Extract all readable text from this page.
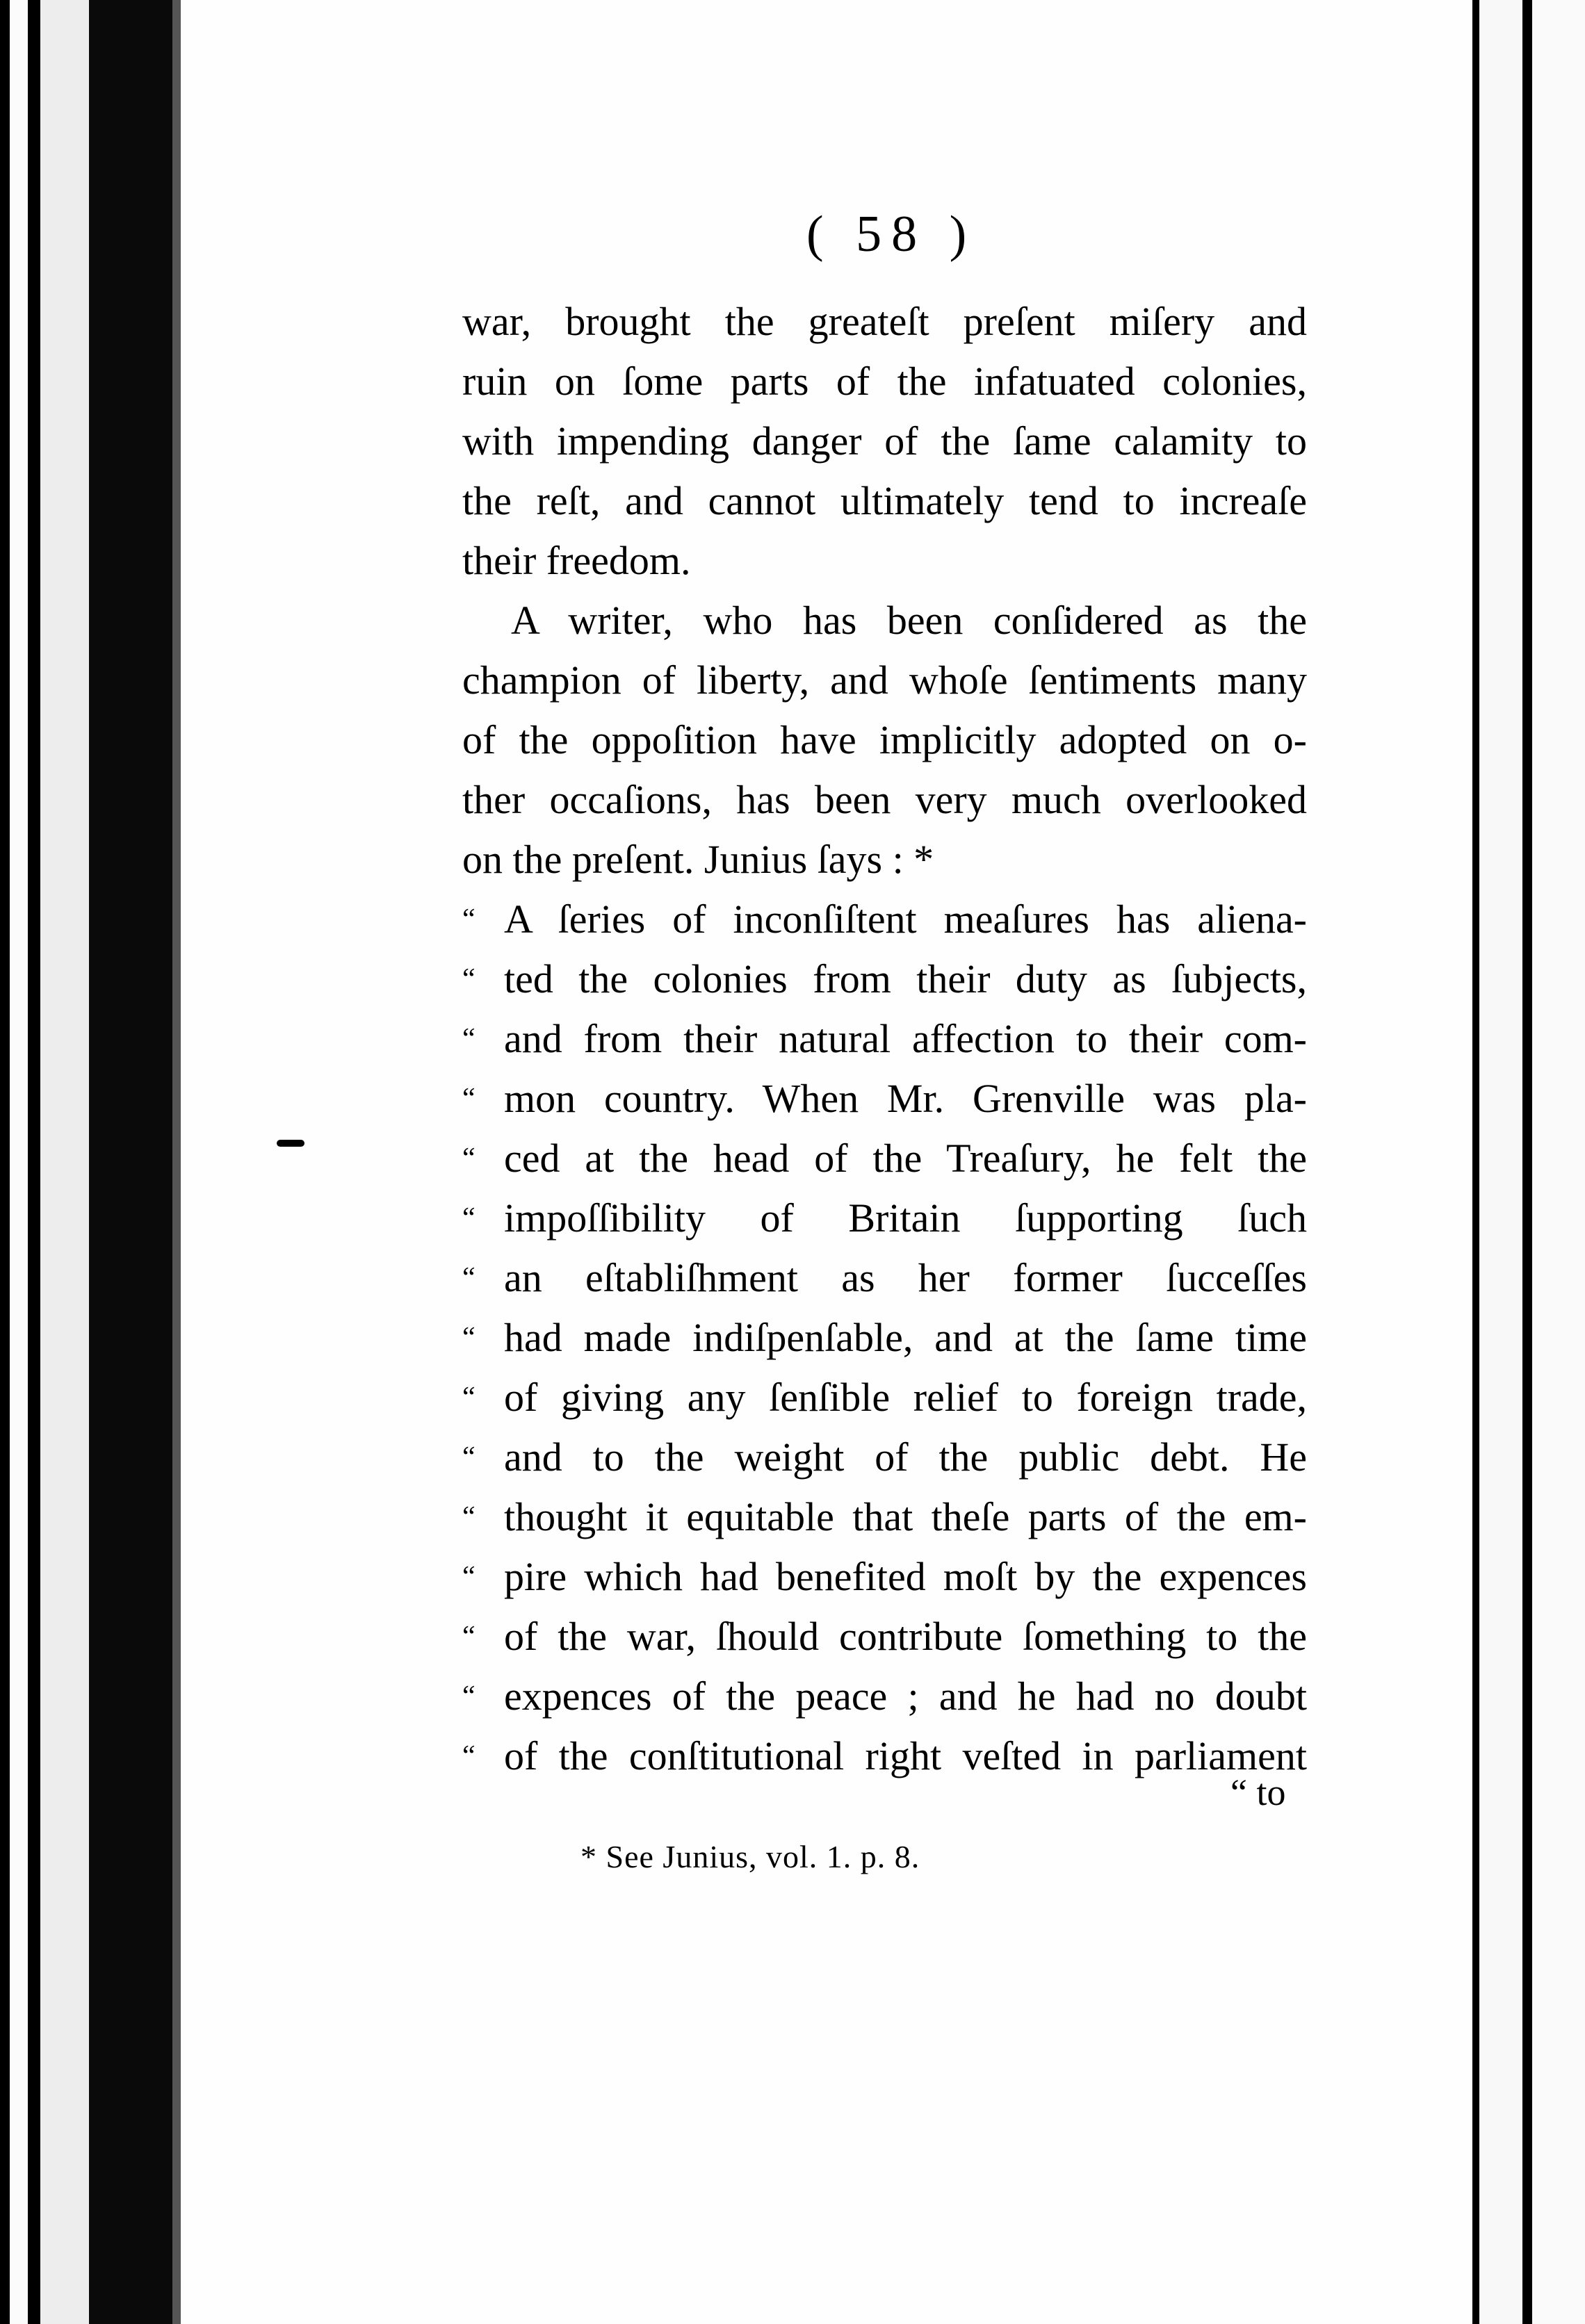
( 58 )
war, brought the greateſt preſent miſery and
ruin on ſome parts of the infatuated colonies,
with impending danger of the ſame calamity to
the reſt, and cannot ultimately tend to increaſe
their freedom.
A writer, who has been conſidered as the
champion of liberty, and whoſe ſentiments many
of the oppoſition have implicitly adopted on o-
ther occaſions, has been very much overlooked
on the preſent. Junius ſays : *
“ A ſeries of inconſiſtent meaſures has aliena-
“ ted the colonies from their duty as ſubjects,
“ and from their natural affection to their com-
“ mon country. When Mr. Grenville was pla-
“ ced at the head of the Treaſury, he felt the
“ impoſſibility of Britain ſupporting ſuch
“ an eſtabliſhment as her former ſucceſſes
“ had made indiſpenſable, and at the ſame time
“ of giving any ſenſible relief to foreign trade,
“ and to the weight of the public debt. He
“ thought it equitable that theſe parts of the em-
“ pire which had benefited moſt by the expences
“ of the war, ſhould contribute ſomething to the
“ expences of the peace ; and he had no doubt
“ of the conſtitutional right veſted in parliament
“ to
* See Junius, vol. 1. p. 8.
